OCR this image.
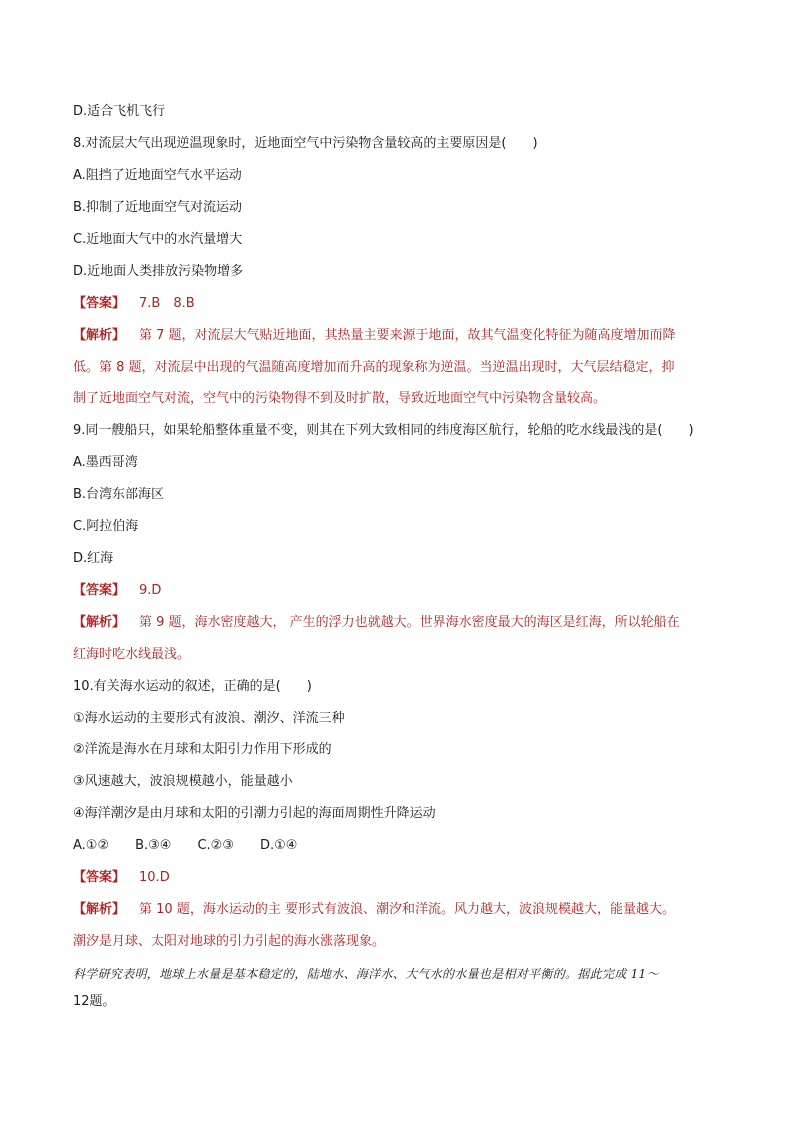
D.适合飞机飞行

8.对流层大气出现逆温现象时，近地面空气中污染物含量较高的主要原因是(　　)

A.阻挡了近地面空气水平运动

B.抑制了近地面空气对流运动

C.近地面大气中的水汽量增大

D.近地面人类排放污染物增多

【答案】 7.B　8.B

【解析】 第 7 题，对流层大气贴近地面，其热量主要来源于地面，故其气温变化特征为随高度增加而降

低。第 8 题，对流层中出现的气温随高度增加而升高的现象称为逆温。当逆温出现时，大气层结稳定，抑

制了近地面空气对流，空气中的污染物得不到及时扩散，导致近地面空气中污染物含量较高。

9.同一艘船只，如果轮船整体重量不变，则其在下列大致相同的纬度海区航行，轮船的吃水线最浅的是(　　)

A.墨西哥湾

B.台湾东部海区

C.阿拉伯海

D.红海

【答案】 9.D

【解析】 第 9 题，海水密度越大， 产生的浮力也就越大。世界海水密度最大的海区是红海，所以轮船在

红海时吃水线最浅。

10.有关海水运动的叙述，正确的是(　　)

①海水运动的主要形式有波浪、潮汐、洋流三种

②洋流是海水在月球和太阳引力作用下形成的

③风速越大，波浪规模越小，能量越小

④海洋潮汐是由月球和太阳的引潮力引起的海面周期性升降运动

A.①②　　B.③④　　C.②③　　D.①④

【答案】 10.D

【解析】 第 10 题，海水运动的主 要形式有波浪、潮汐和洋流。风力越大，波浪规模越大，能量越大。

潮汐是月球、太阳对地球的引力引起的海水涨落现象。

科学研究表明，地球上水量是基本稳定的，陆地水、海洋水、大气水的水量也是相对平衡的。据此完成 11～

12题。
